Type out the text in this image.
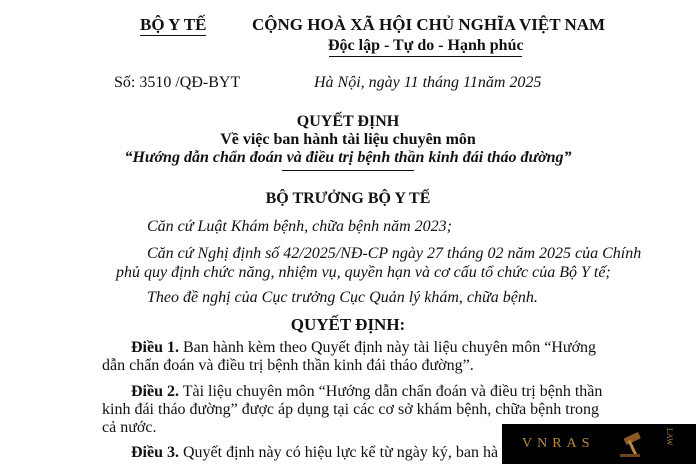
BỘ Y TẾ	CỘNG HOÀ XÃ HỘI CHỦ NGHĨA VIỆT NAM
Độc lập - Tự do - Hạnh phúc
Số: 3510 /QĐ-BYT	Hà Nội, ngày 11 tháng 11năm 2025
QUYẾT ĐỊNH
Về việc ban hành tài liệu chuyên môn
“Hướng dẫn chẩn đoán và điều trị bệnh thần kinh đái tháo đường”
BỘ TRƯỞNG BỘ Y TẾ
Căn cứ Luật Khám bệnh, chữa bệnh năm 2023;
Căn cứ Nghị định số 42/2025/NĐ-CP ngày 27 tháng 02 năm 2025 của Chính
phủ quy định chức năng, nhiệm vụ, quyền hạn và cơ cấu tổ chức của Bộ Y tế;
Theo đề nghị của Cục trưởng Cục Quản lý khám, chữa bệnh.
QUYẾT ĐỊNH:
Điều 1. Ban hành kèm theo Quyết định này tài liệu chuyên môn “Hướng
dẫn chẩn đoán và điều trị bệnh thần kinh đái tháo đường”.
Điều 2. Tài liệu chuyên môn “Hướng dẫn chẩn đoán và điều trị bệnh thần
kinh đái tháo đường” được áp dụng tại các cơ sở khám bệnh, chữa bệnh trong
cả nước.
Điều 3. Quyết định này có hiệu lực kể từ ngày ký, ban hà
VNRAS	LAW
